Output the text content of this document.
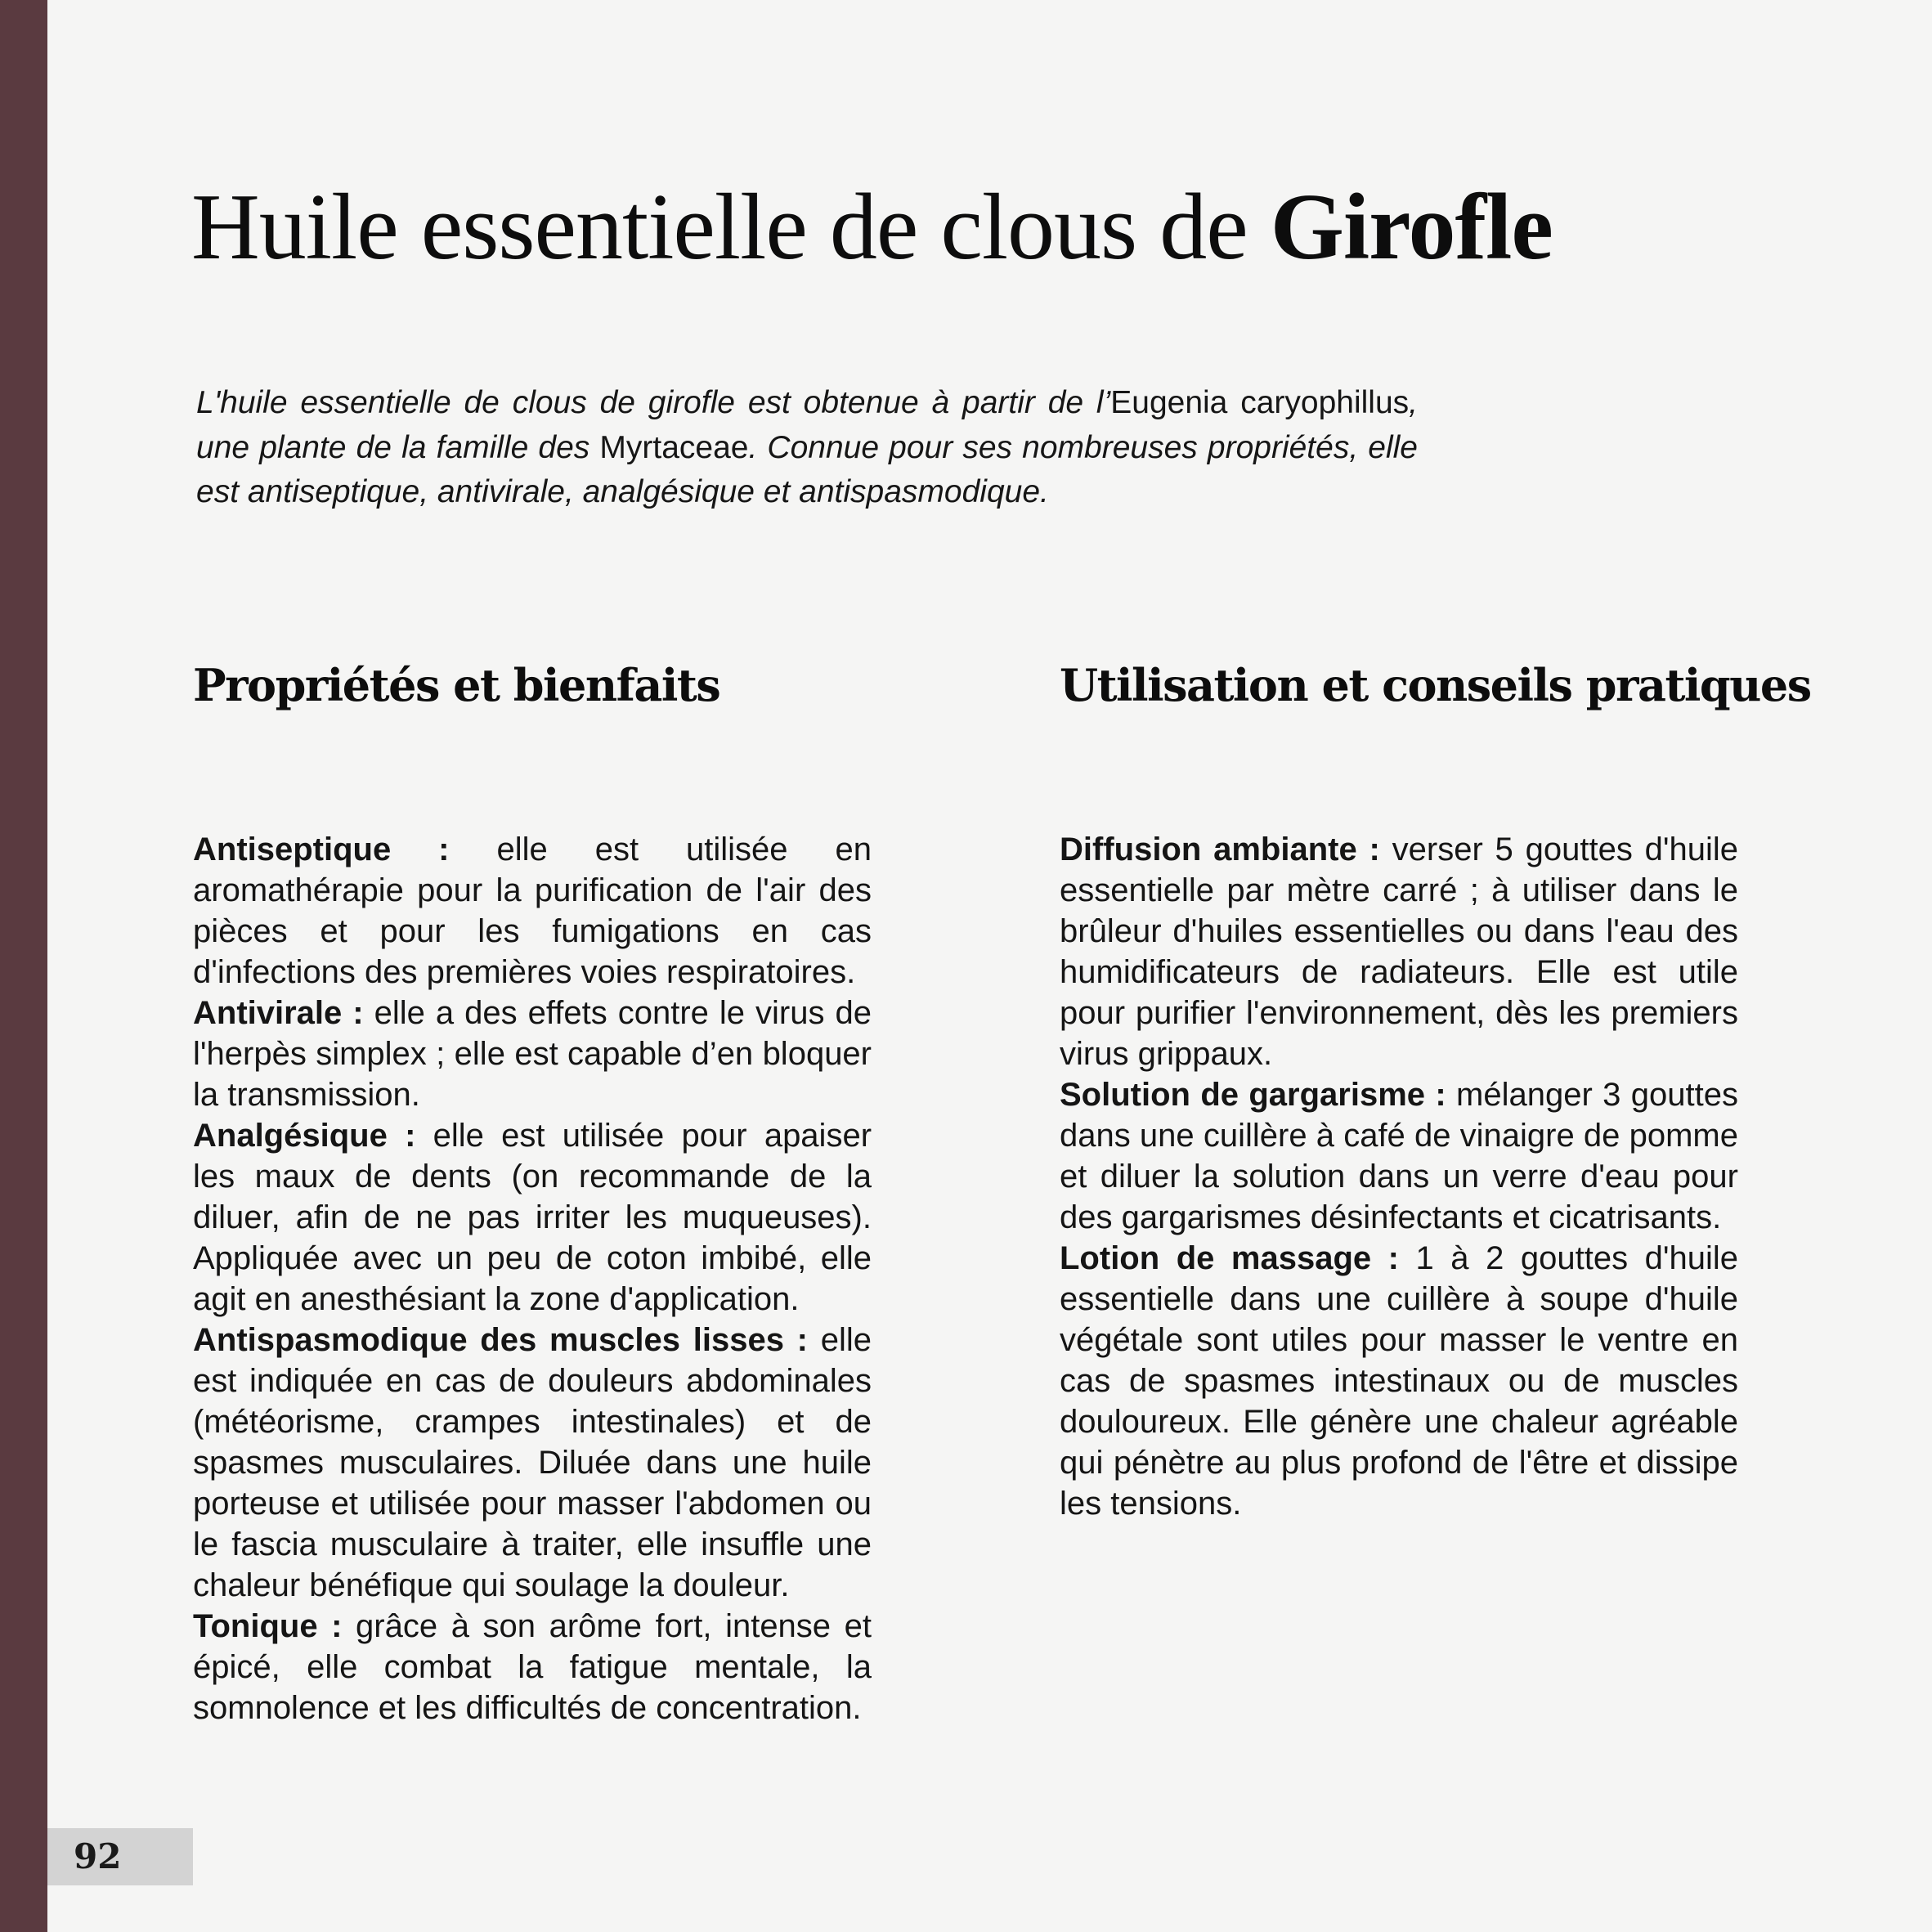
92
Huile essentielle de clous de Girofle

L'huile essentielle de clous de girofle est obtenue à partir de l’Eugenia caryophillus, une plante de la famille des Myrtaceae. Connue pour ses nombreuses propriétés, elle est antiseptique, antivirale, analgésique et antispasmodique.

Propriétés et bienfaits

Antiseptique : elle est utilisée en aromathérapie pour la purification de l'air des pièces et pour les fumigations en cas d'infections des premières voies respiratoires.

Antivirale : elle a des effets contre le virus de l'herpès simplex ; elle est capable d’en bloquer la transmission.

Analgésique : elle est utilisée pour apaiser les maux de dents (on recommande de la diluer, afin de ne pas irriter les muqueuses). Appliquée avec un peu de coton imbibé, elle agit en anesthésiant la zone d'application.

Antispasmodique des muscles lisses : elle est indiquée en cas de douleurs abdominales (météorisme, crampes intestinales) et de spasmes musculaires. Diluée dans une huile porteuse et utilisée pour masser l'abdomen ou le fascia musculaire à traiter, elle insuffle une chaleur bénéfique qui soulage la douleur.

Tonique : grâce à son arôme fort, intense et épicé, elle combat la fatigue mentale, la somnolence et les difficultés de concentration.

Utilisation et conseils pratiques

Diffusion ambiante : verser 5 gouttes d'huile essentielle par mètre carré ; à utiliser dans le brûleur d'huiles essentielles ou dans l'eau des humidificateurs de radiateurs. Elle est utile pour purifier l'environnement, dès les premiers virus grippaux.

Solution de gargarisme : mélanger 3 gouttes dans une cuillère à café de vinaigre de pomme et diluer la solution dans un verre d'eau pour des gargarismes désinfectants et cicatrisants.

Lotion de massage : 1 à 2 gouttes d'huile essentielle dans une cuillère à soupe d'huile végétale sont utiles pour masser le ventre en cas de spasmes intestinaux ou de muscles douloureux. Elle génère une chaleur agréable qui pénètre au plus profond de l'être et dissipe les tensions.
